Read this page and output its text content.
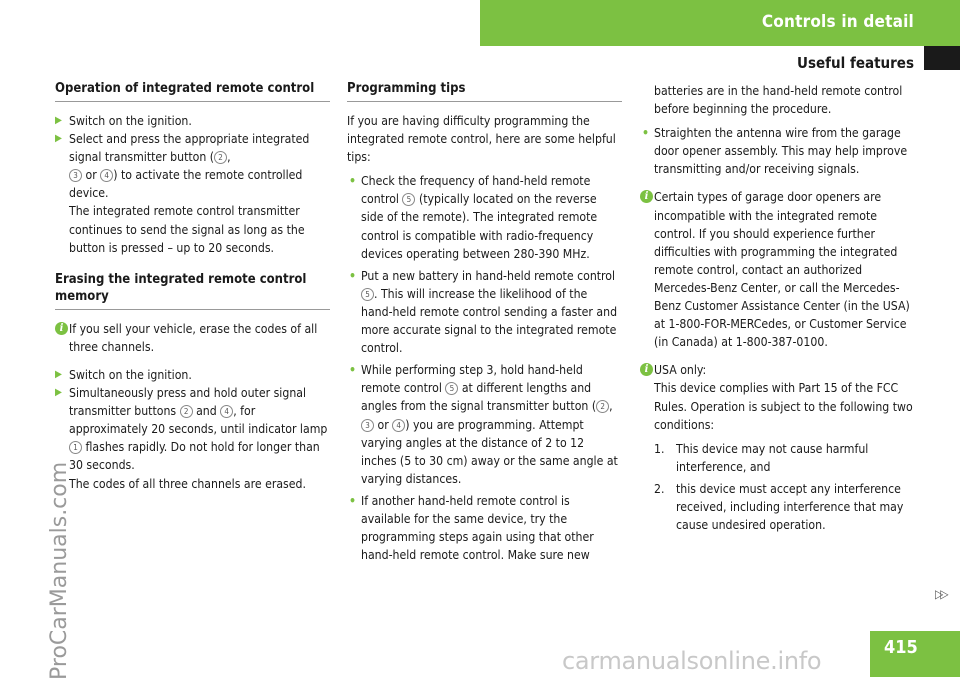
Controls in detail
Useful features
ProCarManuals.com
Operation of integrated remote control
▶ Switch on the ignition.
▶ Select and press the appropriate integrated signal transmitter button ( 2 ,
3 or 4 ) to activate the remote controlled device.
The integrated remote control transmitter continues to send the signal as long as the button is pressed – up to 20 seconds.
Erasing the integrated remote control memory
i If you sell your vehicle, erase the codes of all three channels.
▶ Switch on the ignition.
▶ Simultaneously press and hold outer signal transmitter buttons 2 and 4 , for approximately 20 seconds, until indicator lamp 1 flashes rapidly. Do not hold for longer than 30 seconds.
The codes of all three channels are erased.
Programming tips

If you are having difficulty programming the integrated remote control, here are some helpful tips:

• Check the frequency of hand-held remote control 5 (typically located on the reverse side of the remote). The integrated remote control is compatible with radio-frequency devices operating between 280-390 MHz.
• Put a new battery in hand-held remote control 5 . This will increase the likelihood of the hand-held remote control sending a faster and more accurate signal to the integrated remote control.
• While performing step 3, hold hand-held remote control 5 at different lengths and angles from the signal transmitter button ( 2 , 3 or 4 ) you are programming. Attempt varying angles at the distance of 2 to 12 inches (5 to 30 cm) away or the same angle at varying distances.
• If another hand-held remote control is available for the same device, try the programming steps again using that other hand-held remote control. Make sure new
batteries are in the hand-held remote control before beginning the procedure.
• Straighten the antenna wire from the garage door opener assembly. This may help improve transmitting and/or receiving signals.
i Certain types of garage door openers are incompatible with the integrated remote control. If you should experience further difficulties with programming the integrated remote control, contact an authorized Mercedes-Benz Center, or call the Mercedes-Benz Customer Assistance Center (in the USA) at 1-800-FOR-MERCedes, or Customer Service (in Canada) at 1-800-387-0100.
i USA only:
This device complies with Part 15 of the FCC Rules. Operation is subject to the following two conditions:
1. This device may not cause harmful interference, and
2. this device must accept any interference received, including interference that may cause undesired operation.
▷▷
415
carmanualsonline.info
